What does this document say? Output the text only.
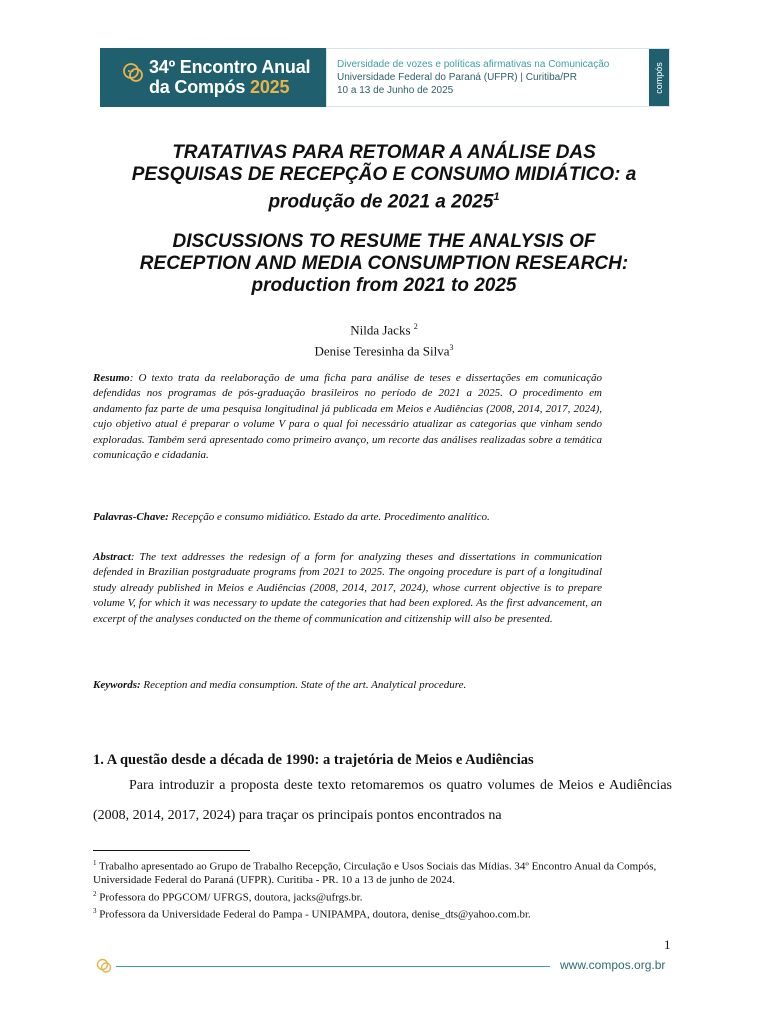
34º Encontro Anual
da Compós 2025
Diversidade de vozes e políticas afirmativas na Comunicação
Universidade Federal do Paraná (UFPR) | Curitiba/PR
10 a 13 de Junho de 2025	compós
TRATATIVAS PARA RETOMAR A ANÁLISE DAS
PESQUISAS DE RECEPÇÃO E CONSUMO MIDIÁTICO: a
produção de 2021 a 2025$^1$
DISCUSSIONS TO RESUME THE ANALYSIS OF
RECEPTION AND MEDIA CONSUMPTION RESEARCH:
production from 2021 to 2025
Nilda Jacks $^2$
Denise Teresinha da Silva$^3$
Resumo: O texto trata da reelaboração de uma ficha para análise de teses e dissertações em comunicação defendidas nos programas de pós-graduação brasileiros no período de 2021 a 2025. O procedimento em andamento faz parte de uma pesquisa longitudinal já publicada em Meios e Audiências (2008, 2014, 2017, 2024), cujo objetivo atual é preparar o volume V para o qual foi necessário atualizar as categorias que vinham sendo exploradas. Também será apresentado como primeiro avanço, um recorte das análises realizadas sobre a temática comunicação e cidadania.
Palavras-Chave: Recepção e consumo midiático. Estado da arte. Procedimento analítico.
Abstract: The text addresses the redesign of a form for analyzing theses and dissertations in communication defended in Brazilian postgraduate programs from 2021 to 2025. The ongoing procedure is part of a longitudinal study already published in Meios e Audiências (2008, 2014, 2017, 2024), whose current objective is to prepare volume V, for which it was necessary to update the categories that had been explored. As the first advancement, an excerpt of the analyses conducted on the theme of communication and citizenship will also be presented.
Keywords: Reception and media consumption. State of the art. Analytical procedure.
1. A questão desde a década de 1990: a trajetória de Meios e Audiências
Para introduzir a proposta deste texto retomaremos os quatro volumes de Meios e Audiências (2008, 2014, 2017, 2024) para traçar os principais pontos encontrados na
$^1$ Trabalho apresentado ao Grupo de Trabalho Recepção, Circulação e Usos Sociais das Mídias. 34º Encontro Anual da Compós, Universidade Federal do Paraná (UFPR). Curitiba - PR. 10 a 13 de junho de 2024.
$^2$ Professora do PPGCOM/ UFRGS, doutora, jacks@ufrgs.br.
$^3$ Professora da Universidade Federal do Pampa - UNIPAMPA, doutora, denise_dts@yahoo.com.br.
1
www.compos.org.br
